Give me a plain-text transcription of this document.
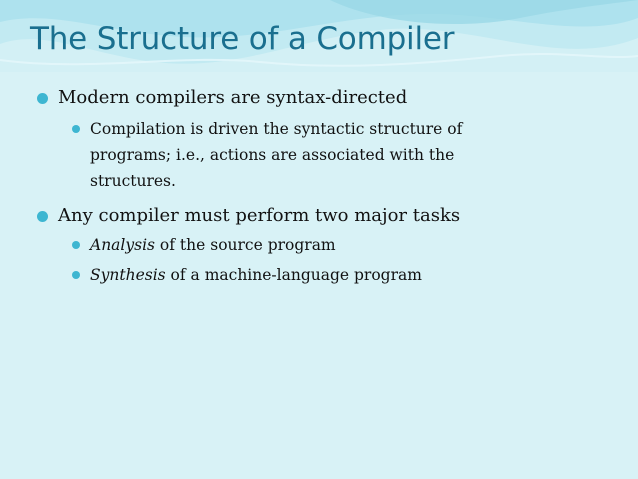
The Structure of a Compiler
Modern compilers are syntax-directed
Compilation is driven the syntactic structure of programs; i.e., actions are associated with the structures.
Any compiler must perform two major tasks
Analysis of the source program
Synthesis of a machine-language program
